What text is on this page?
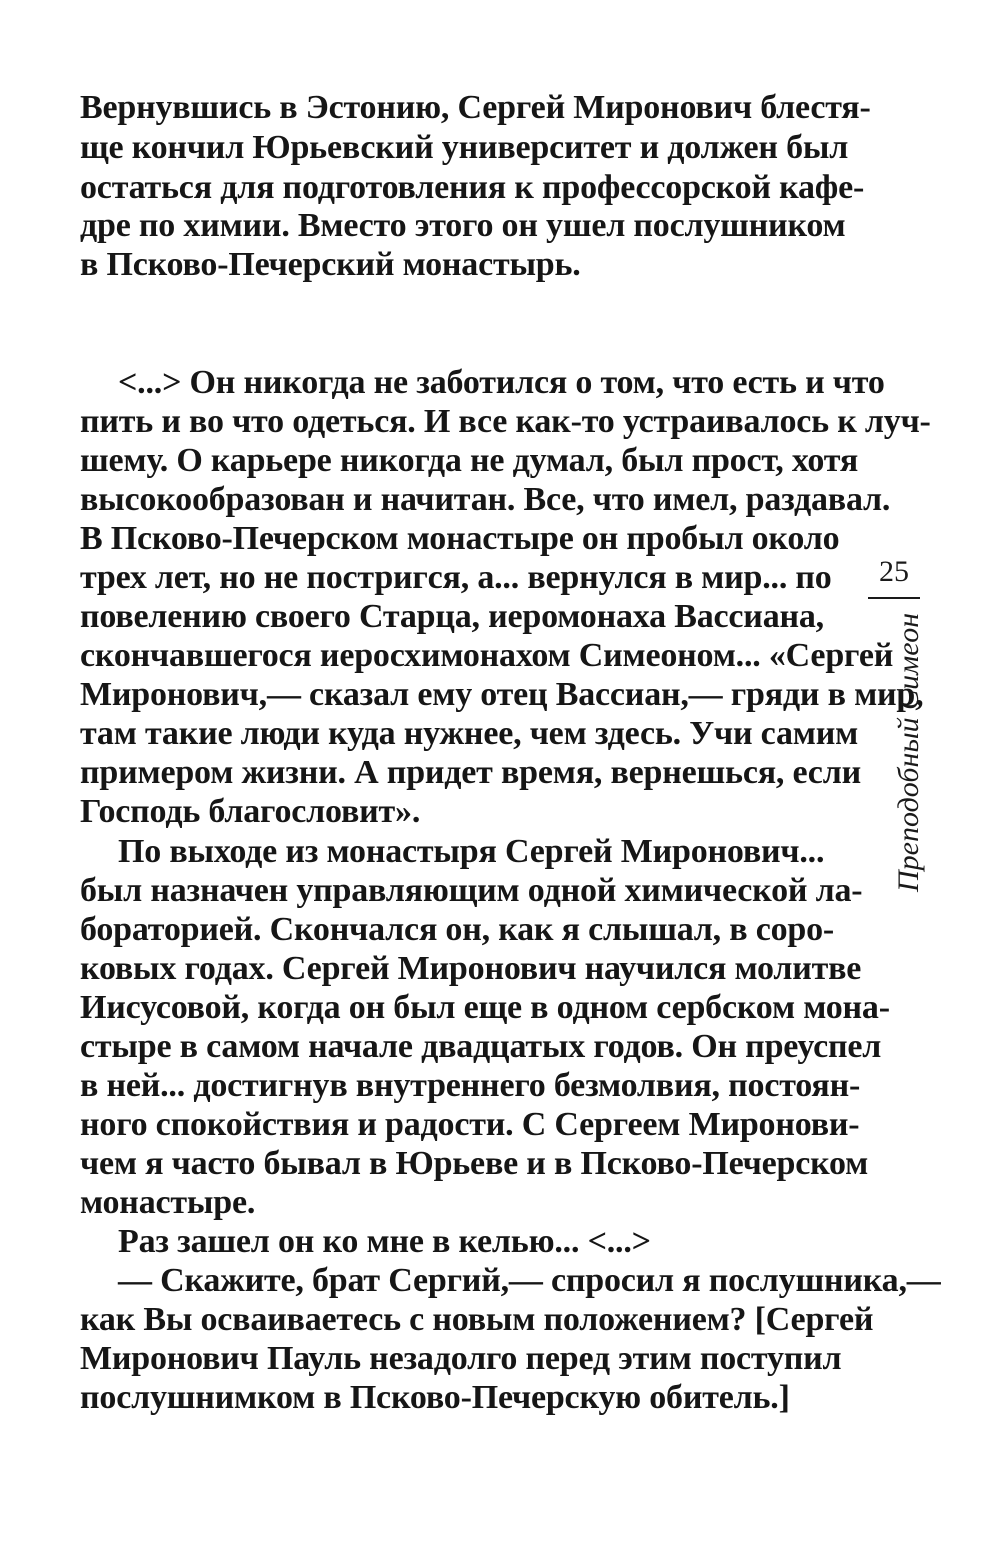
Вернувшись в Эстонию, Сергей Миронович блестя-
ще кончил Юрьевский университет и должен был
остаться для подготовления к профессорской кафе-
дре по химии. Вместо этого он ушел послушником
в Псково-Печерский монастырь.
<...> Он никогда не заботился о том, что есть и что
пить и во что одеться. И все как-то устраивалось к луч-
шему. О карьере никогда не думал, был прост, хотя
высокообразован и начитан. Все, что имел, раздавал.
В Псково-Печерском монастыре он пробыл около
трех лет, но не постригся, а... вернулся в мир... по
повелению своего Старца, иеромонаха Вассиана,
скончавшегося иеросхимонахом Симеоном... «Сергей
Миронович,— сказал ему отец Вассиан,— гряди в мир,
там такие люди куда нужнее, чем здесь. Учи самим
примером жизни. А придет время, вернешься, если
Господь благословит».
По выходе из монастыря Сергей Миронович...
был назначен управляющим одной химической ла-
бораторией. Скончался он, как я слышал, в соро-
ковых годах. Сергей Миронович научился молитве
Иисусовой, когда он был еще в одном сербском мона-
стыре в самом начале двадцатых годов. Он преуспел
в ней... достигнув внутреннего безмолвия, постоян-
ного спокойствия и радости. С Сергеем Миронови-
чем я часто бывал в Юрьеве и в Псково-Печерском
монастыре.
Раз зашел он ко мне в келью... <...>
— Скажите, брат Сергий,— спросил я послушника,—
как Вы осваиваетесь с новым положением? [Сергей
Миронович Пауль незадолго перед этим поступил
послушнимком в Псково-Печерскую обитель.]
25
Преподобный Симеон
